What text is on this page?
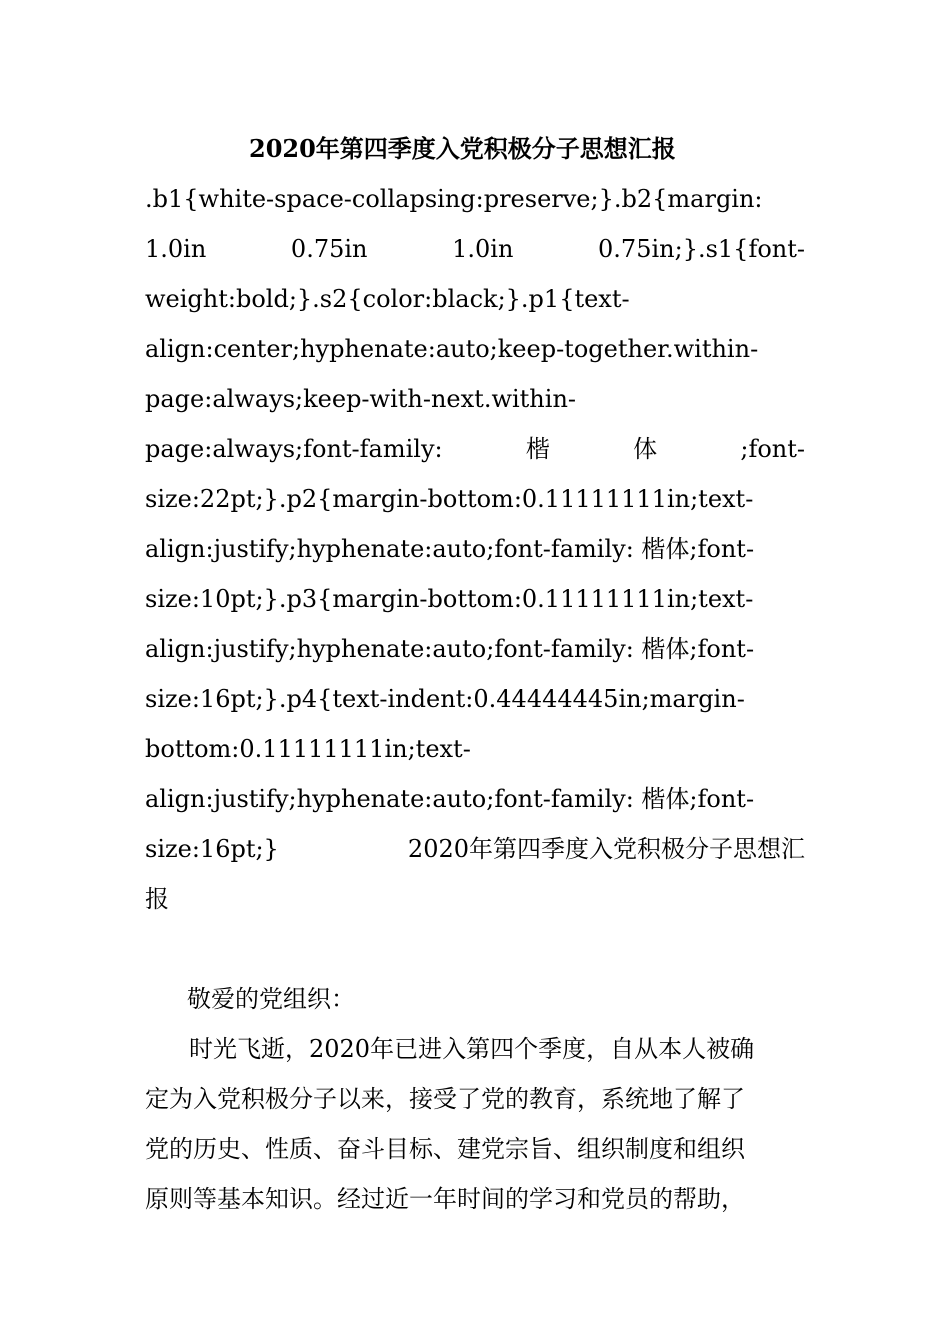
2020年第四季度入党积极分子思想汇报
.b1{white-space-collapsing:preserve;}.b2{margin:
1.0in	0.75in	1.0in	0.75in;}.s1{font-
weight:bold;}.s2{color:black;}.p1{text-
align:center;hyphenate:auto;keep-together.within-
page:always;keep-with-next.within-
page:always;font-family:	楷	体	;font-
size:22pt;}.p2{margin-bottom:0.11111111in;text-
align:justify;hyphenate:auto;font-family: 楷体;font-
size:10pt;}.p3{margin-bottom:0.11111111in;text-
align:justify;hyphenate:auto;font-family: 楷体;font-
size:16pt;}.p4{text-indent:0.44444445in;margin-
bottom:0.11111111in;text-
align:justify;hyphenate:auto;font-family: 楷体;font-
size:16pt;}	2020年第四季度入党积极分子思想汇
报

敬爱的党组织：

时光飞逝，2020年已进入第四个季度，自从本人被确
定为入党积极分子以来，接受了党的教育，系统地了解了
党的历史、性质、奋斗目标、建党宗旨、组织制度和组织
原则等基本知识。经过近一年时间的学习和党员的帮助，
